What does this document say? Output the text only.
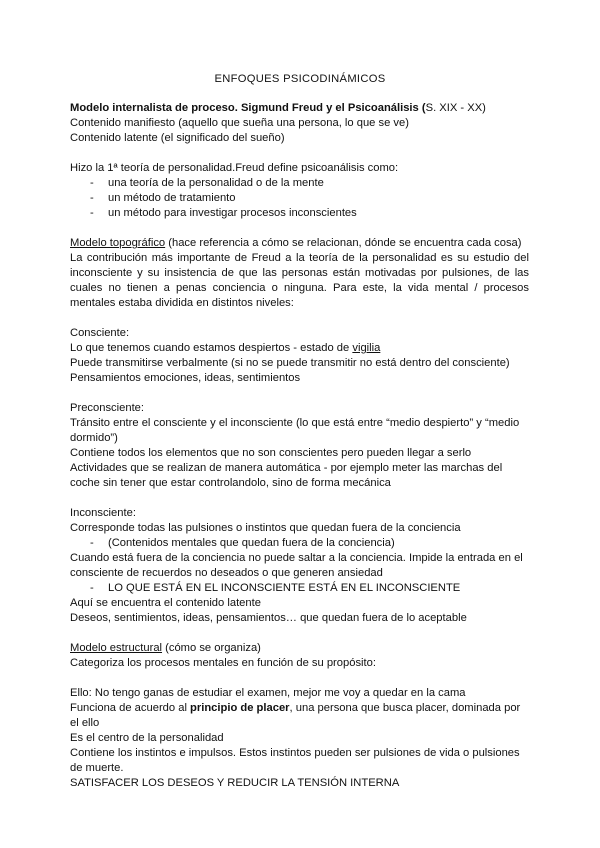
ENFOQUES PSICODINÁMICOS
Modelo internalista de proceso. Sigmund Freud y el Psicoanálisis (S. XIX - XX)
Contenido manifiesto (aquello que sueña una persona, lo que se ve)
Contenido latente (el significado del sueño)
Hizo la 1ª teoría de personalidad.Freud define psicoanálisis como:
- una teoría de la personalidad o de la mente
- un método de tratamiento
- un método para investigar procesos inconscientes
Modelo topográfico (hace referencia a cómo se relacionan, dónde se encuentra cada cosa)
La contribución más importante de Freud a la teoría de la personalidad es su estudio del
inconsciente y su insistencia de que las personas están motivadas por pulsiones, de las
cuales no tienen a penas conciencia o ninguna. Para este, la vida mental / procesos
mentales estaba dividida en distintos niveles:
Consciente:
Lo que tenemos cuando estamos despiertos - estado de vigilia
Puede transmitirse verbalmente (si no se puede transmitir no está dentro del consciente)
Pensamientos emociones, ideas, sentimientos
Preconsciente:
Tránsito entre el consciente y el inconsciente (lo que está entre “medio despierto” y “medio
dormido”)
Contiene todos los elementos que no son conscientes pero pueden llegar a serlo
Actividades que se realizan de manera automática - por ejemplo meter las marchas del
coche sin tener que estar controlandolo, sino de forma mecánica
Inconsciente:
Corresponde todas las pulsiones o instintos que quedan fuera de la conciencia
- (Contenidos mentales que quedan fuera de la conciencia)
Cuando está fuera de la conciencia no puede saltar a la conciencia. Impide la entrada en el
consciente de recuerdos no deseados o que generen ansiedad
- LO QUE ESTÁ EN EL INCONSCIENTE ESTÁ EN EL INCONSCIENTE
Aquí se encuentra el contenido latente
Deseos, sentimientos, ideas, pensamientos… que quedan fuera de lo aceptable
Modelo estructural (cómo se organiza)
Categoriza los procesos mentales en función de su propósito:
Ello: No tengo ganas de estudiar el examen, mejor me voy a quedar en la cama
Funciona de acuerdo al principio de placer, una persona que busca placer, dominada por
el ello
Es el centro de la personalidad
Contiene los instintos e impulsos. Estos instintos pueden ser pulsiones de vida o pulsiones
de muerte.
SATISFACER LOS DESEOS Y REDUCIR LA TENSIÓN INTERNA
